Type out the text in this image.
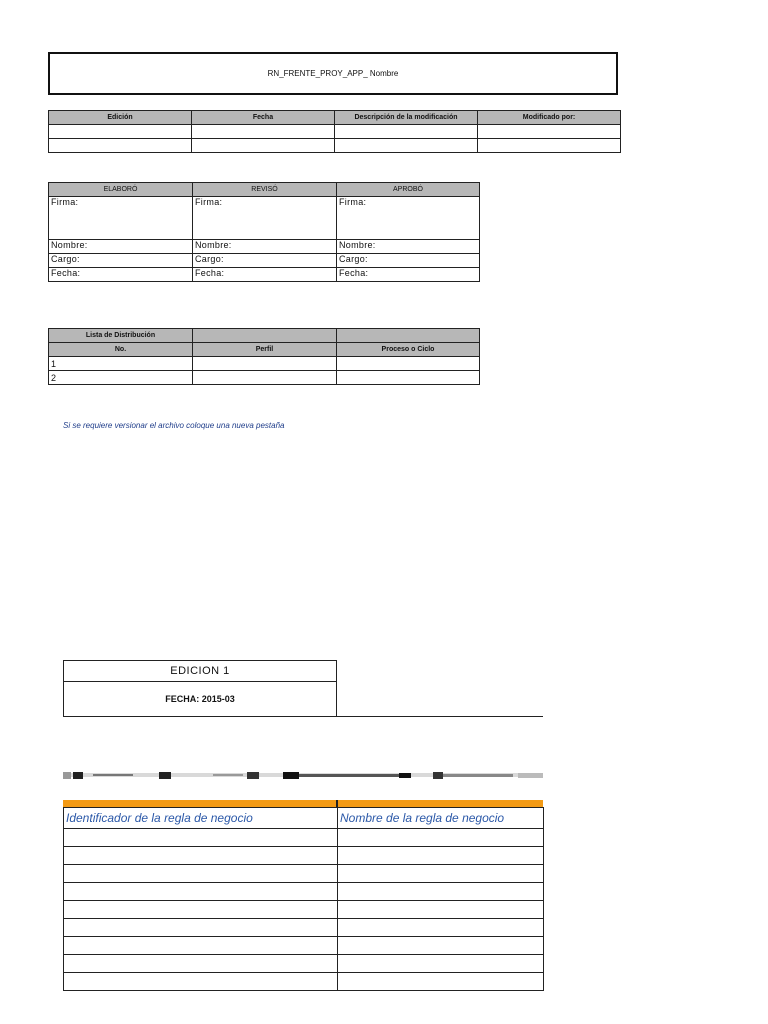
RN_FRENTE_PROY_APP_ Nombre
Edición	Fecha	Descripción de la modificación	Modificado por:

ELABORÓ	REVISÓ	APROBÓ
Firma:	Firma:	Firma:
Nombre:	Nombre:	Nombre:
Cargo:	Cargo:	Cargo:
Fecha:	Fecha:	Fecha:
Lista de Distribución		
No.	Perfil	Proceso o Ciclo
1		
2		
Si se requiere versionar el archivo coloque una nueva pestaña
EDICION 1
FECHA: 2015-03
Identificador de la regla de negocio	Nombre de la regla de negocio
